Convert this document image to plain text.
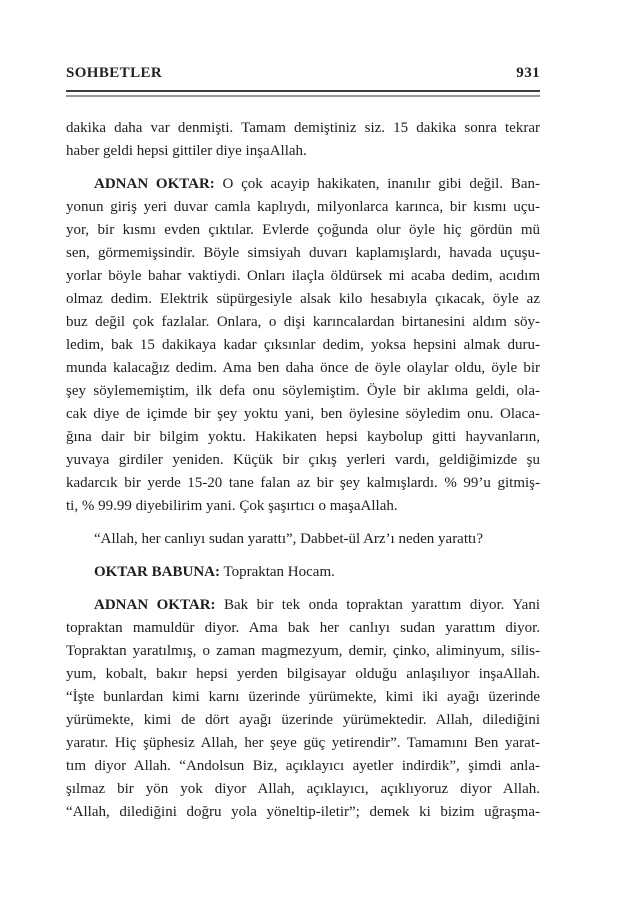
SOHBETLER	931
dakika daha var denmişti. Tamam demiştiniz siz. 15 dakika sonra tekrar
haber geldi hepsi gittiler diye inşaAllah.
ADNAN OKTAR: O çok acayip hakikaten, inanılır gibi değil. Ban-
yonun giriş yeri duvar camla kaplıydı, milyonlarca karınca, bir kısmı uçu-
yor, bir kısmı evden çıktılar. Evlerde çoğunda olur öyle hiç gördün mü
sen, görmemişsindir. Böyle simsiyah duvarı kaplamışlardı, havada uçuşu-
yorlar böyle bahar vaktiydi. Onları ilaçla öldürsek mi acaba dedim, acıdım
olmaz dedim. Elektrik süpürgesiyle alsak kilo hesabıyla çıkacak, öyle az
buz değil çok fazlalar. Onlara, o dişi karıncalardan birtanesini aldım söy-
ledim, bak 15 dakikaya kadar çıksınlar dedim, yoksa hepsini almak duru-
munda kalacağız dedim. Ama ben daha önce de öyle olaylar oldu, öyle bir
şey söylememiştim, ilk defa onu söylemiştim. Öyle bir aklıma geldi, ola-
cak diye de içimde bir şey yoktu yani, ben öylesine söyledim onu. Olaca-
ğına dair bir bilgim yoktu. Hakikaten hepsi kaybolup gitti hayvanların,
yuvaya girdiler yeniden. Küçük bir çıkış yerleri vardı, geldiğimizde şu
kadarcık bir yerde 15-20 tane falan az bir şey kalmışlardı. % 99’u gitmiş-
ti, % 99.99 diyebilirim yani. Çok şaşırtıcı o maşaAllah.
“Allah, her canlıyı sudan yarattı”, Dabbet-ül Arz’ı neden yarattı?
OKTAR BABUNA: Topraktan Hocam.
ADNAN OKTAR: Bak bir tek onda topraktan yarattım diyor. Yani
topraktan mamuldür diyor. Ama bak her canlıyı sudan yarattım diyor.
Topraktan yaratılmış, o zaman magmezyum, demir, çinko, aliminyum, silis-
yum, kobalt, bakır hepsi yerden bilgisayar olduğu anlaşılıyor inşaAllah.
“İşte bunlardan kimi karnı üzerinde yürümekte, kimi iki ayağı üzerinde
yürümekte, kimi de dört ayağı üzerinde yürümektedir. Allah, dilediğini
yaratır. Hiç şüphesiz Allah, her şeye güç yetirendir”. Tamamını Ben yarat-
tım diyor Allah. “Andolsun Biz, açıklayıcı ayetler indirdik”, şimdi anla-
şılmaz bir yön yok diyor Allah, açıklayıcı, açıklıyoruz diyor Allah.
“Allah, dilediğini doğru yola yöneltip-iletir”; demek ki bizim uğraşma-
